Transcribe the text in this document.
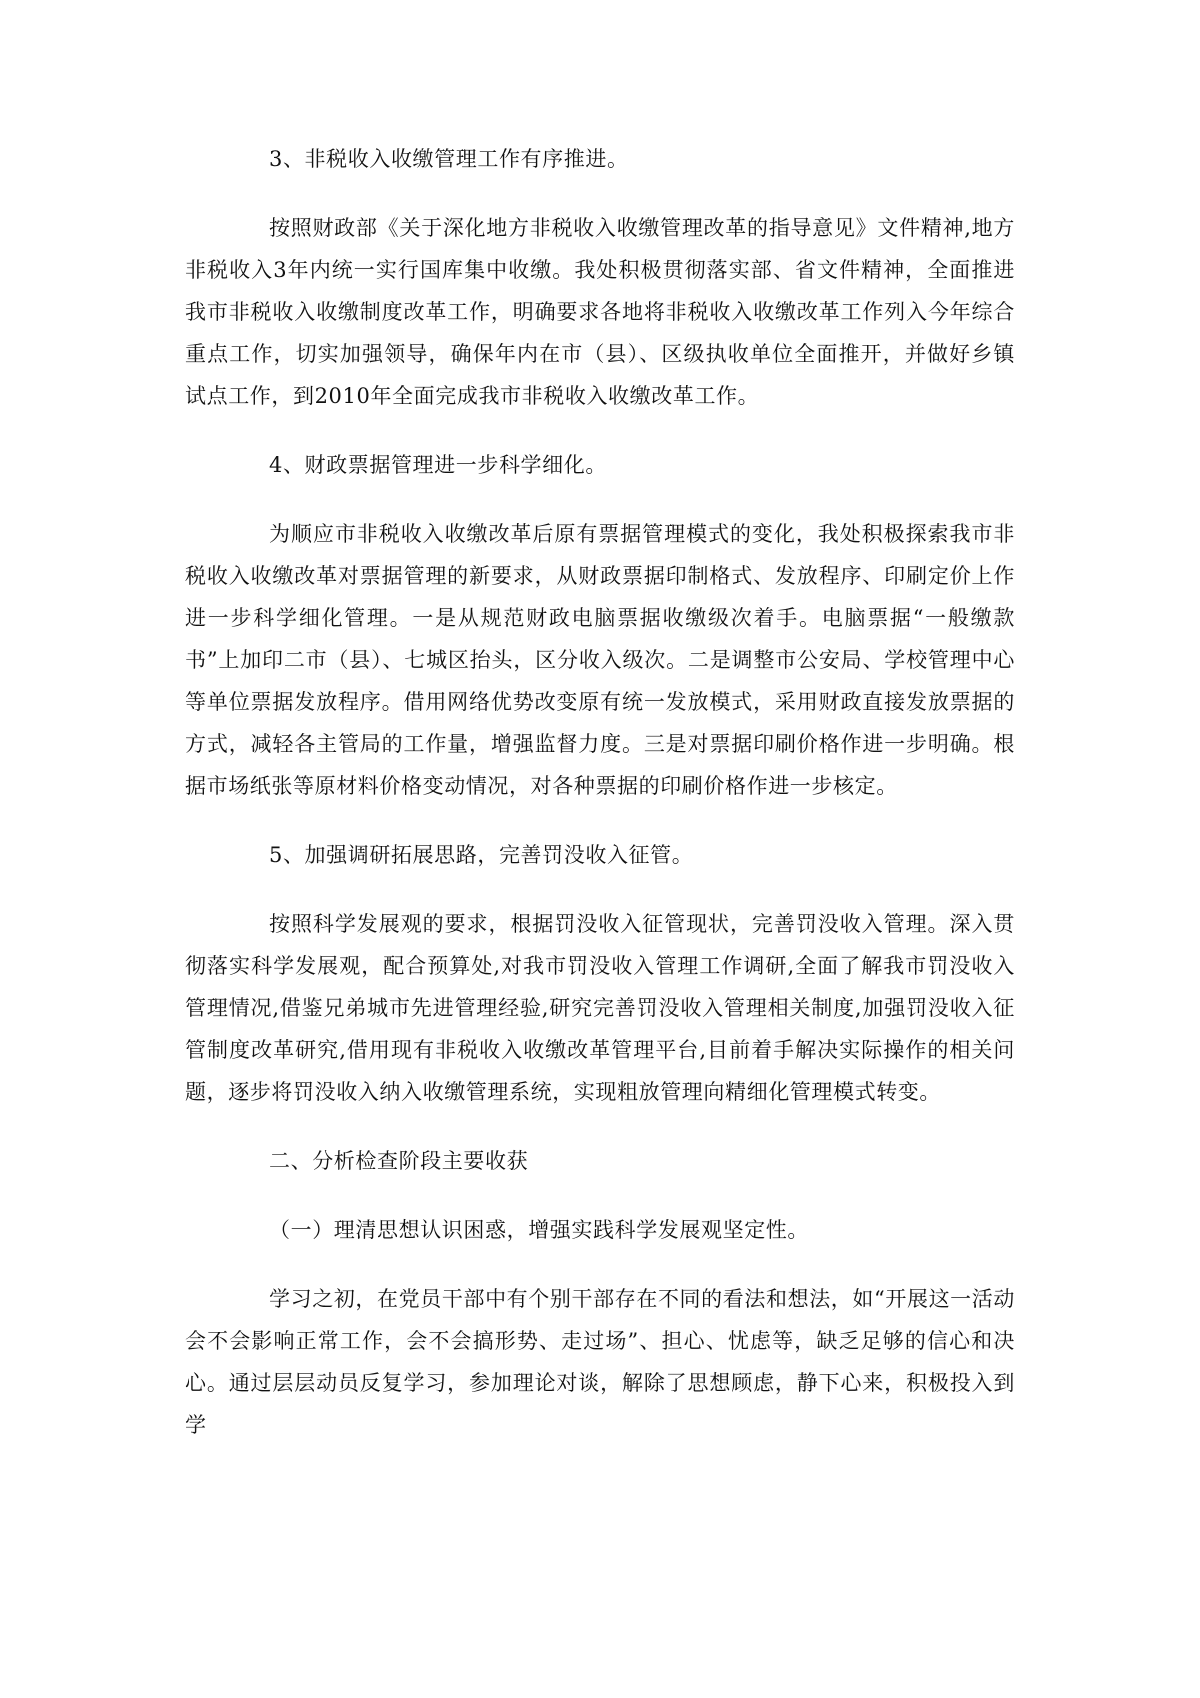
3、非税收入收缴管理工作有序推进。

按照财政部《关于深化地方非税收入收缴管理改革的指导意见》文件精神,地方非税收入3年内统一实行国库集中收缴。我处积极贯彻落实部、省文件精神，全面推进我市非税收入收缴制度改革工作，明确要求各地将非税收入收缴改革工作列入今年综合重点工作，切实加强领导，确保年内在市（县）、区级执收单位全面推开，并做好乡镇试点工作，到2010年全面完成我市非税收入收缴改革工作。

4、财政票据管理进一步科学细化。

为顺应市非税收入收缴改革后原有票据管理模式的变化，我处积极探索我市非税收入收缴改革对票据管理的新要求，从财政票据印制格式、发放程序、印刷定价上作进一步科学细化管理。一是从规范财政电脑票据收缴级次着手。电脑票据“一般缴款书”上加印二市（县）、七城区抬头，区分收入级次。二是调整市公安局、学校管理中心等单位票据发放程序。借用网络优势改变原有统一发放模式，采用财政直接发放票据的方式，减轻各主管局的工作量，增强监督力度。三是对票据印刷价格作进一步明确。根据市场纸张等原材料价格变动情况，对各种票据的印刷价格作进一步核定。

5、加强调研拓展思路，完善罚没收入征管。

按照科学发展观的要求，根据罚没收入征管现状，完善罚没收入管理。深入贯彻落实科学发展观，配合预算处,对我市罚没收入管理工作调研,全面了解我市罚没收入管理情况,借鉴兄弟城市先进管理经验,研究完善罚没收入管理相关制度,加强罚没收入征管制度改革研究,借用现有非税收入收缴改革管理平台,目前着手解决实际操作的相关问题，逐步将罚没收入纳入收缴管理系统，实现粗放管理向精细化管理模式转变。

二、分析检查阶段主要收获

（一）理清思想认识困惑，增强实践科学发展观坚定性。

学习之初，在党员干部中有个别干部存在不同的看法和想法，如“开展这一活动会不会影响正常工作，会不会搞形势、走过场”、担心、忧虑等，缺乏足够的信心和决心。通过层层动员反复学习，参加理论对谈，解除了思想顾虑，静下心来，积极投入到学
